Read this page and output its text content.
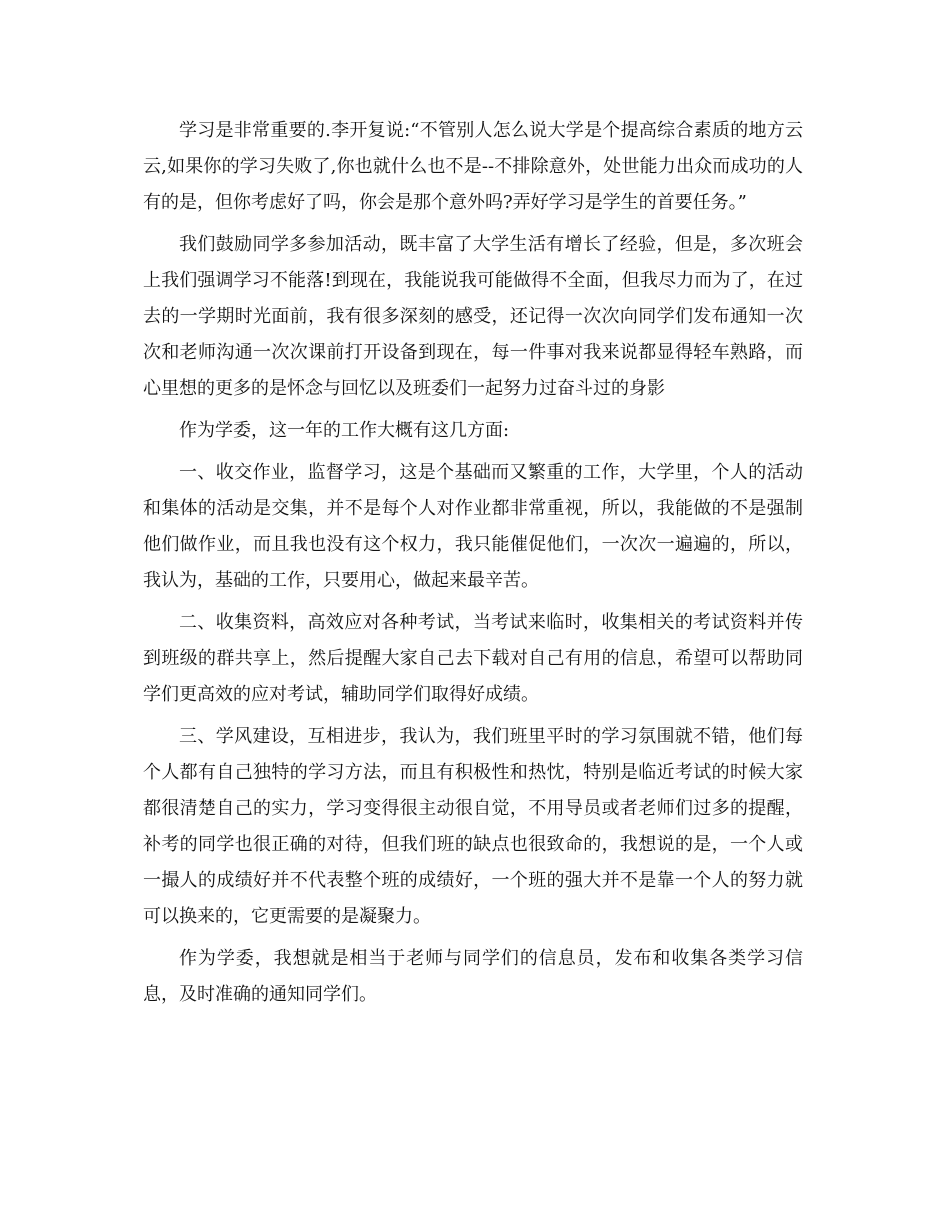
学习是非常重要的.李开复说:“不管别人怎么说大学是个提高综合素质的地方云云,如果你的学习失败了,你也就什么也不是--不排除意外，处世能力出众而成功的人有的是，但你考虑好了吗，你会是那个意外吗?弄好学习是学生的首要任务。”

我们鼓励同学多参加活动，既丰富了大学生活有增长了经验，但是，多次班会上我们强调学习不能落!到现在，我能说我可能做得不全面，但我尽力而为了，在过去的一学期时光面前，我有很多深刻的感受，还记得一次次向同学们发布通知一次次和老师沟通一次次课前打开设备到现在，每一件事对我来说都显得轻车熟路，而心里想的更多的是怀念与回忆以及班委们一起努力过奋斗过的身影

作为学委，这一年的工作大概有这几方面:

一、收交作业，监督学习，这是个基础而又繁重的工作，大学里，个人的活动和集体的活动是交集，并不是每个人对作业都非常重视，所以，我能做的不是强制他们做作业，而且我也没有这个权力，我只能催促他们，一次次一遍遍的，所以，我认为，基础的工作，只要用心，做起来最辛苦。

二、收集资料，高效应对各种考试，当考试来临时，收集相关的考试资料并传到班级的群共享上，然后提醒大家自己去下载对自己有用的信息，希望可以帮助同学们更高效的应对考试，辅助同学们取得好成绩。

三、学风建设，互相进步，我认为，我们班里平时的学习氛围就不错，他们每个人都有自己独特的学习方法，而且有积极性和热忱，特别是临近考试的时候大家都很清楚自己的实力，学习变得很主动很自觉，不用导员或者老师们过多的提醒，补考的同学也很正确的对待，但我们班的缺点也很致命的，我想说的是，一个人或一撮人的成绩好并不代表整个班的成绩好，一个班的强大并不是靠一个人的努力就可以换来的，它更需要的是凝聚力。

作为学委，我想就是相当于老师与同学们的信息员，发布和收集各类学习信息，及时准确的通知同学们。
